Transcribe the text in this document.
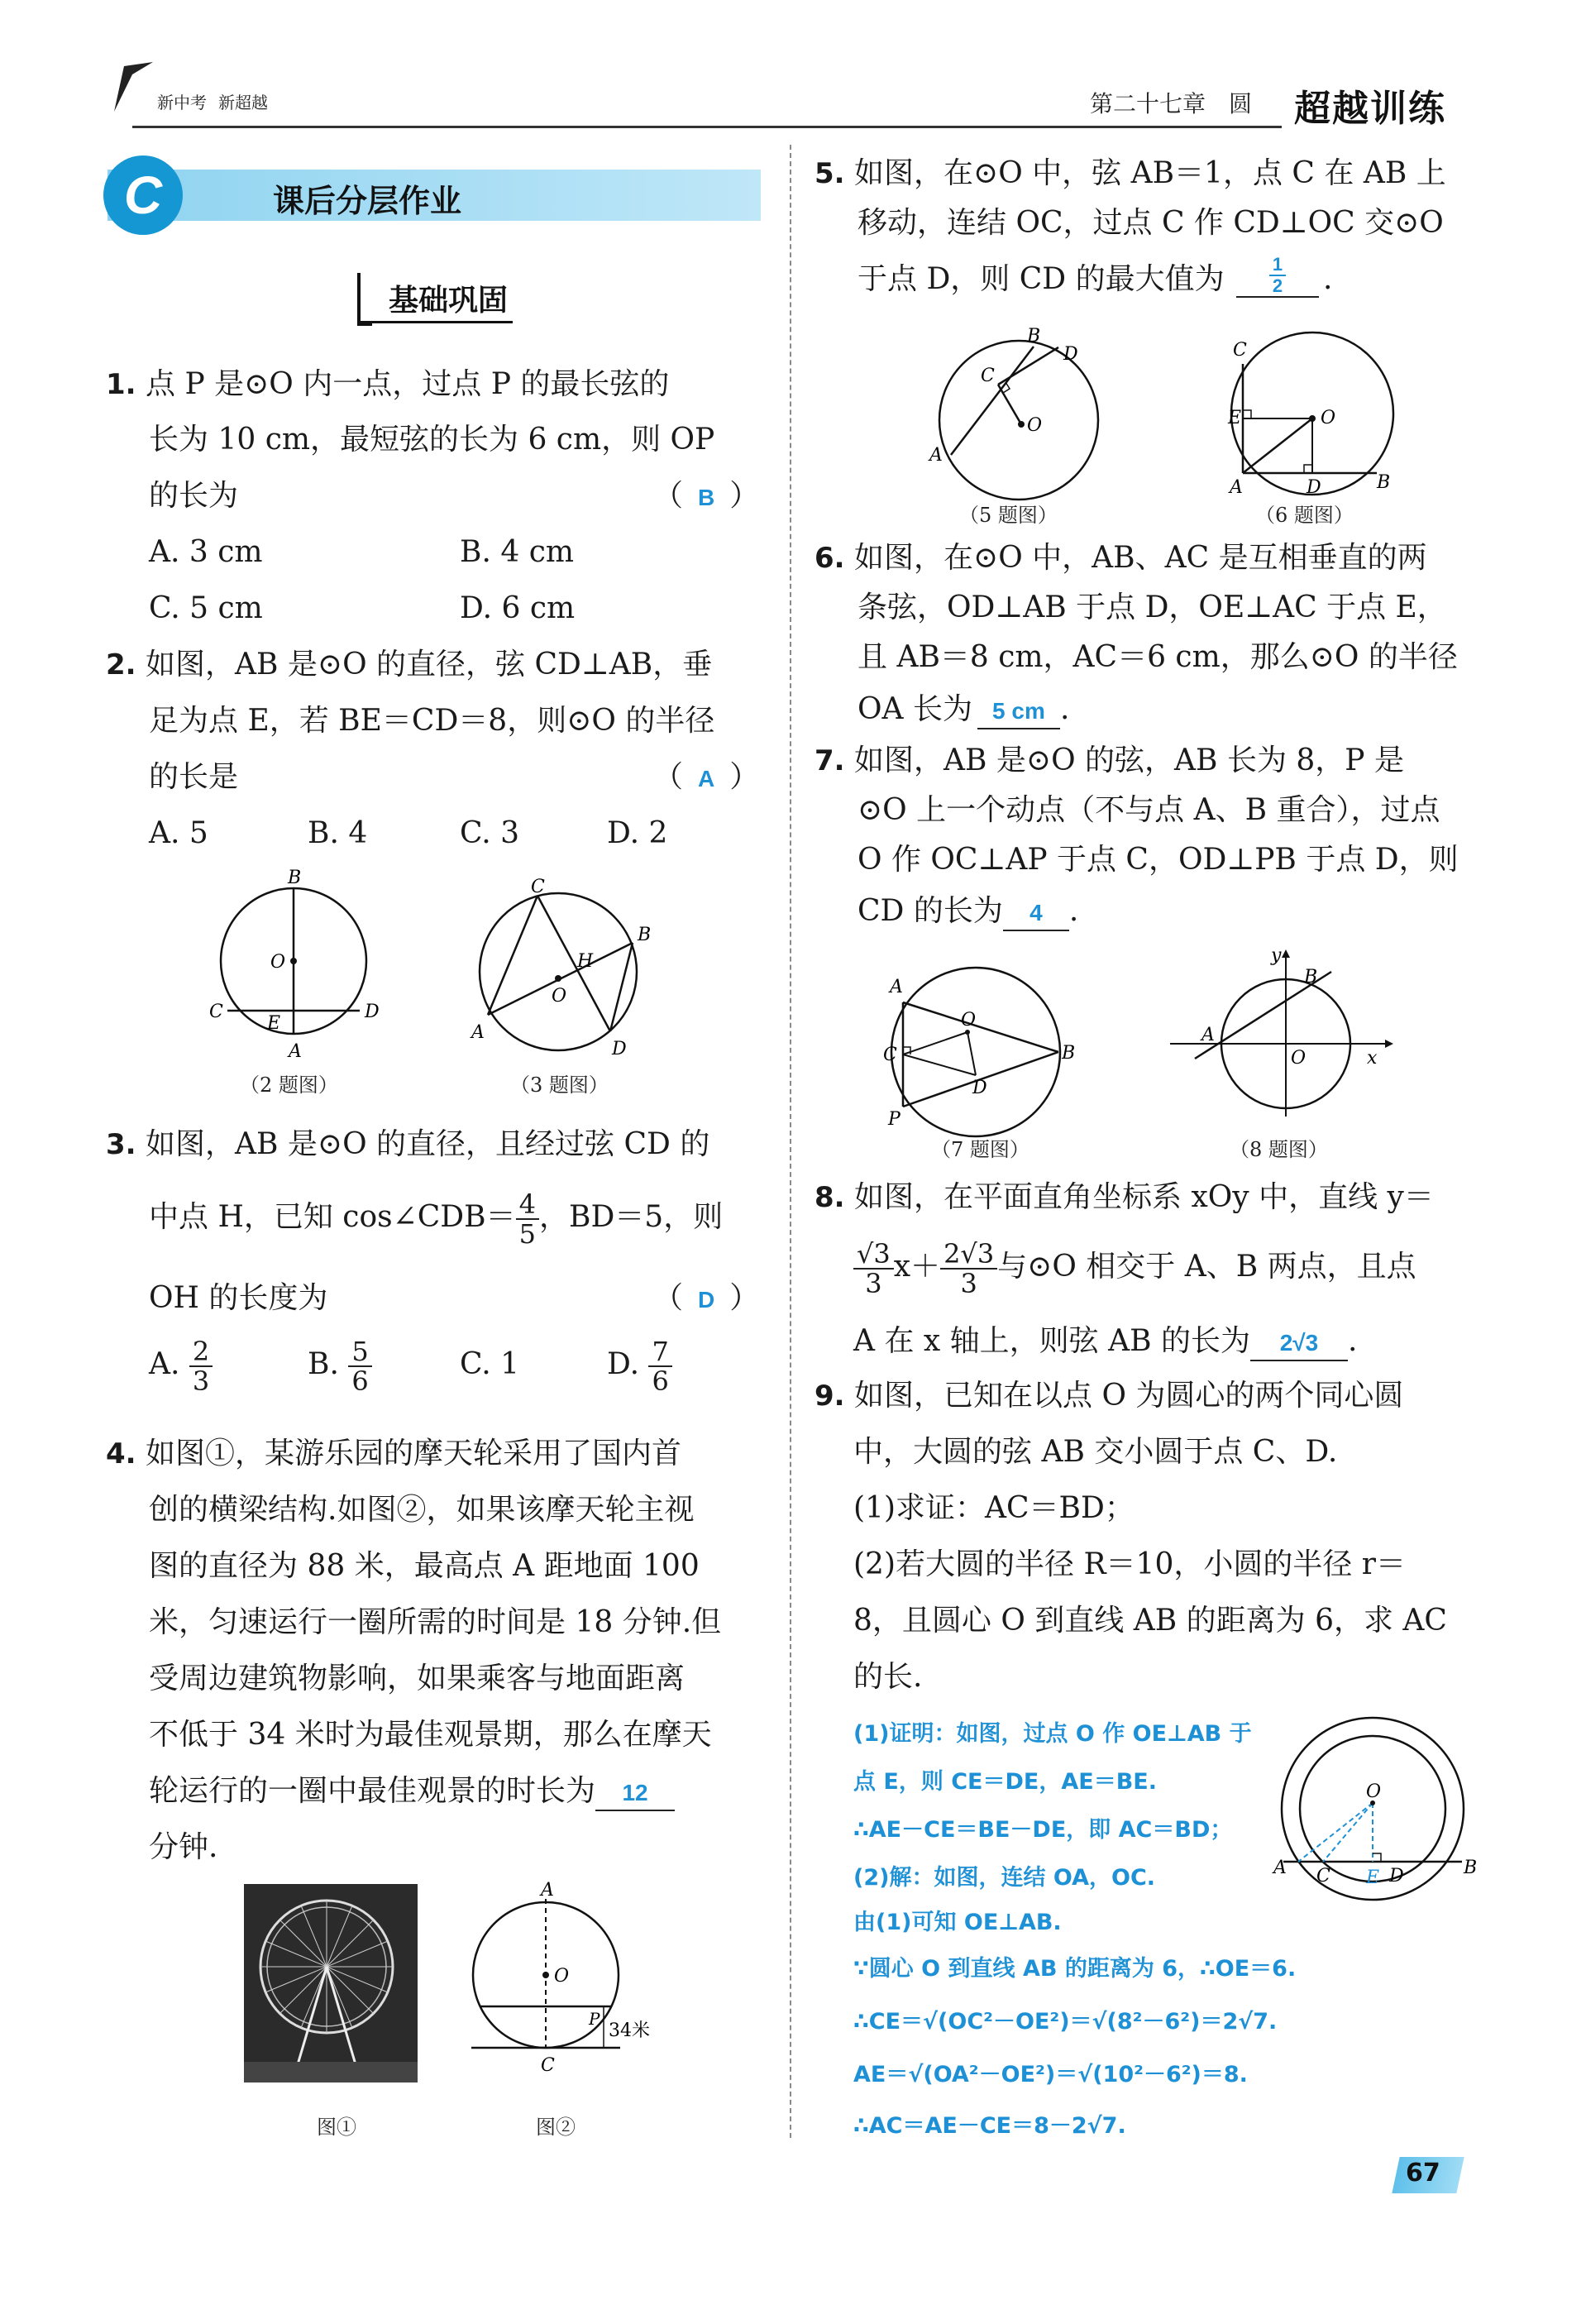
新中考 新超越	第二十七章　圆 超越训练
C	课后分层作业
基础巩固
1. 点 P 是⊙O 内一点，过点 P 的最长弦的
长为 10 cm，最短弦的长为 6 cm，则 OP
的长为	（ B ）
A. 3 cm	B. 4 cm
C. 5 cm	D. 6 cm
2. 如图，AB 是⊙O 的直径，弦 CD⊥AB，垂
足为点 E，若 BE＝CD＝8，则⊙O 的半径
的长是	（ A ）
A. 5	B. 4	C. 3	D. 2
B
O
C	D
E
A
（2 题图）
C
B
H
O
A
D
（3 题图）
3. 如图，AB 是⊙O 的直径，且经过弦 CD 的
中点 H，已知 cos∠CDB＝ $\frac{4}{5}$ ，BD＝5，则
OH 的长度为	（ D ）
A. $\frac{2}{3}$	B. $\frac{5}{6}$	C. 1	D. $\frac{7}{6}$
4. 如图①，某游乐园的摩天轮采用了国内首
创的横梁结构.如图②，如果该摩天轮主视
图的直径为 88 米，最高点 A 距地面 100
米，匀速运行一圈所需的时间是 18 分钟.但
受周边建筑物影响，如果乘客与地面距离
不低于 34 米时为最佳观景期，那么在摩天
轮运行的一圈中最佳观景的时长为 12
分钟.
图①
A
O
P
34米
C
图②
5. 如图，在⊙O 中，弦 AB＝1，点 C 在 AB 上
移动，连结 OC，过点 C 作 CD⊥OC 交⊙O
于点 D，则 CD 的最大值为 $\frac{1}{2}$ .
B
D
C
O
A
（5 题图）
C
E	O
A	D	B
（6 题图）
6. 如图，在⊙O 中，AB、AC 是互相垂直的两
条弦，OD⊥AB 于点 D，OE⊥AC 于点 E，
且 AB＝8 cm，AC＝6 cm，那么⊙O 的半径
OA 长为 5 cm .
7. 如图，AB 是⊙O 的弦，AB 长为 8，P 是
⊙O 上一个动点（不与点 A、B 重合），过点
O 作 OC⊥AP 于点 C，OD⊥PB 于点 D，则
CD 的长为 4 .
A
O
C	B
D
P
（7 题图）
y
B
A
O	x
（8 题图）
8. 如图，在平面直角坐标系 xOy 中，直线 y＝
$\frac{√3}{3} x+ \frac{2√3}{3}$ 与⊙O 相交于 A、B 两点，且点
A 在 x 轴上，则弦 AB 的长为 2√3 .
9. 如图，已知在以点 O 为圆心的两个同心圆
中，大圆的弦 AB 交小圆于点 C、D.
(1)求证：AC＝BD；
(2)若大圆的半径 R＝10，小圆的半径 r＝
8，且圆心 O 到直线 AB 的距离为 6，求 AC
的长.
(1)证明：如图，过点 O 作 OE⊥AB 于
点 E，则 CE＝DE，AE＝BE.
∴AE－CE＝BE－DE，即 AC＝BD；
(2)解：如图，连结 OA，OC.
由(1)可知 OE⊥AB.
∵圆心 O 到直线 AB 的距离为 6，∴OE＝6.
∴CE＝√(OC²－OE²)＝√(8²－6²)＝2√7.
AE＝√(OA²－OE²)＝√(10²－6²)＝8.
∴AC＝AE－CE＝8－2√7.
O
A C E D	B
67
